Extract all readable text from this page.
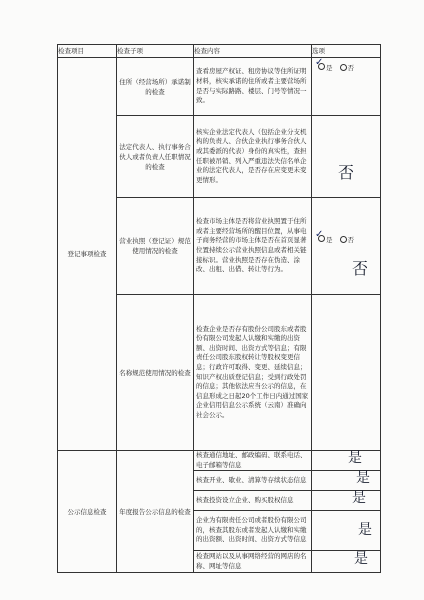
检查项目	检查子项	检查内容	选项
登记事项检查	住所（经营场所）承诺制的检查	查看房屋产权证、租房协议等住所证明材料，核实承诺的住所或者主要营场所是否与实际路路、楼层、门号等情况一致。	✓ 是 否

	法定代表人、执行事务合伙人或者负责人任职情况的检查	核实企业法定代表人（包括企业分支机构的负责人、合伙企业执行事务合伙人或其委派的代表）身份的真实性，查担任职被吊销、列入严重违法失信名单企业的法定代表人，是否存在应变更未变更情形。	否

	营业执照（登记证）规范使用情况的检查	检查市场主体是否将营业执照置于住所或者主要经营场所的醒目位置，从事电子商务经营的市场主体是否在首页显著位置持续公示营业执照信息或者相关链接标识。营业执照是否存在伪造、涂改、出租、出借、转让等行为。	否

	名称规范使用情况的检查	检查企业是否存有股份公司股东或者股份有限公司发起人认缴和实缴的出资额、出资时间、出资方式等信息；有限责任公司股东股权转让等股权变更信息；行政许可取得、变更、延续信息；知识产权出质登记信息；受到行政处罚的信息；其他依法应当公示的信息，在信息形成之日起20个工作日内通过国家企业信用信息公示系统（云南）准确向社会公示。	✓ 是 否

公示信息检查	年度报告公示信息的检查	核查通信地址、邮政编码、联系电话、电子邮箱等信息	是

		核查开业、歇业、清算等存续状态信息	是

		核查投资设立企业、购买股权信息	是

		企业为有限责任公司或者股份有限公司的，核查其股东或者发起人认缴和实缴的出资额、出资时间、出资方式等信息	是

		检查网站以及从事网络经营的网店的名称、网址等信息	是
